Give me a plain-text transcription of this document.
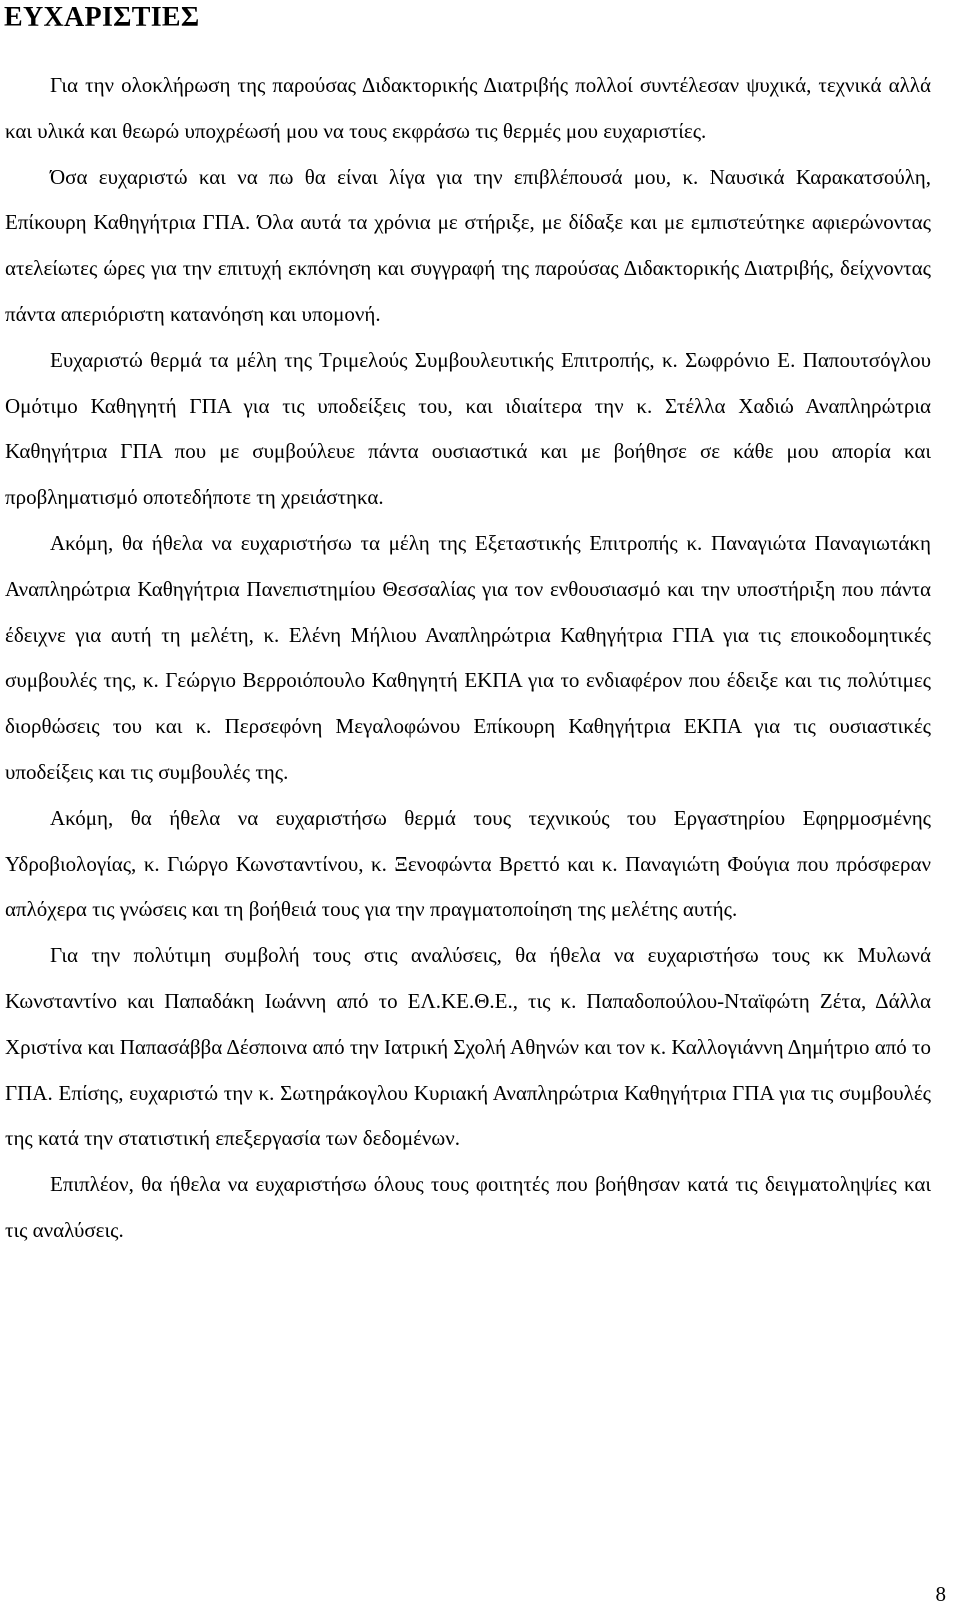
ΕΥΧΑΡΙΣΤΙΕΣ

Για την ολοκλήρωση της παρούσας Διδακτορικής Διατριβής πολλοί συντέλεσαν ψυχικά, τεχνικά αλλά και υλικά και θεωρώ υποχρέωσή μου να τους εκφράσω τις θερμές μου ευχαριστίες.

Όσα ευχαριστώ και να πω θα είναι λίγα για την επιβλέπουσά μου, κ. Ναυσικά Καρακατσούλη, Επίκουρη Καθηγήτρια ΓΠΑ. Όλα αυτά τα χρόνια με στήριξε, με δίδαξε και με εμπιστεύτηκε αφιερώνοντας ατελείωτες ώρες για την επιτυχή εκπόνηση και συγγραφή της παρούσας Διδακτορικής Διατριβής, δείχνοντας πάντα απεριόριστη κατανόηση και υπομονή.

Ευχαριστώ θερμά τα μέλη της Τριμελούς Συμβουλευτικής Επιτροπής, κ. Σωφρόνιο Ε. Παπουτσόγλου Ομότιμο Καθηγητή ΓΠΑ για τις υποδείξεις του, και ιδιαίτερα την κ. Στέλλα Χαδιώ Αναπληρώτρια Καθηγήτρια ΓΠΑ που με συμβούλευε πάντα ουσιαστικά και με βοήθησε σε κάθε μου απορία και προβληματισμό οποτεδήποτε τη χρειάστηκα.

Ακόμη, θα ήθελα να ευχαριστήσω τα μέλη της Εξεταστικής Επιτροπής κ. Παναγιώτα Παναγιωτάκη Αναπληρώτρια Καθηγήτρια Πανεπιστημίου Θεσσαλίας για τον ενθουσιασμό και την υποστήριξη που πάντα έδειχνε για αυτή τη μελέτη, κ. Ελένη Μήλιου Αναπληρώτρια Καθηγήτρια ΓΠΑ για τις εποικοδομητικές συμβουλές της, κ. Γεώργιο Βερροιόπουλο Καθηγητή ΕΚΠΑ για το ενδιαφέρον που έδειξε και τις πολύτιμες διορθώσεις του και κ. Περσεφόνη Μεγαλοφώνου Επίκουρη Καθηγήτρια ΕΚΠΑ για τις ουσιαστικές υποδείξεις και τις συμβουλές της.

Ακόμη, θα ήθελα να ευχαριστήσω θερμά τους τεχνικούς του Εργαστηρίου Εφηρμοσμένης Υδροβιολογίας, κ. Γιώργο Κωνσταντίνου, κ. Ξενοφώντα Βρεττό και κ. Παναγιώτη Φούγια που πρόσφεραν απλόχερα τις γνώσεις και τη βοήθειά τους για την πραγματοποίηση της μελέτης αυτής.

Για την πολύτιμη συμβολή τους στις αναλύσεις, θα ήθελα να ευχαριστήσω τους κκ Μυλωνά Κωνσταντίνο και Παπαδάκη Ιωάννη από το ΕΛ.ΚΕ.Θ.Ε., τις κ. Παπαδοπούλου-Νταϊφώτη Ζέτα, Δάλλα Χριστίνα και Παπασάββα Δέσποινα από την Ιατρική Σχολή Αθηνών και τον κ. Καλλογιάννη Δημήτριο από το ΓΠΑ. Επίσης, ευχαριστώ την κ. Σωτηράκογλου Κυριακή Αναπληρώτρια Καθηγήτρια ΓΠΑ για τις συμβουλές της κατά την στατιστική επεξεργασία των δεδομένων.

Επιπλέον, θα ήθελα να ευχαριστήσω όλους τους φοιτητές που βοήθησαν κατά τις δειγματοληψίες και τις αναλύσεις.

8
